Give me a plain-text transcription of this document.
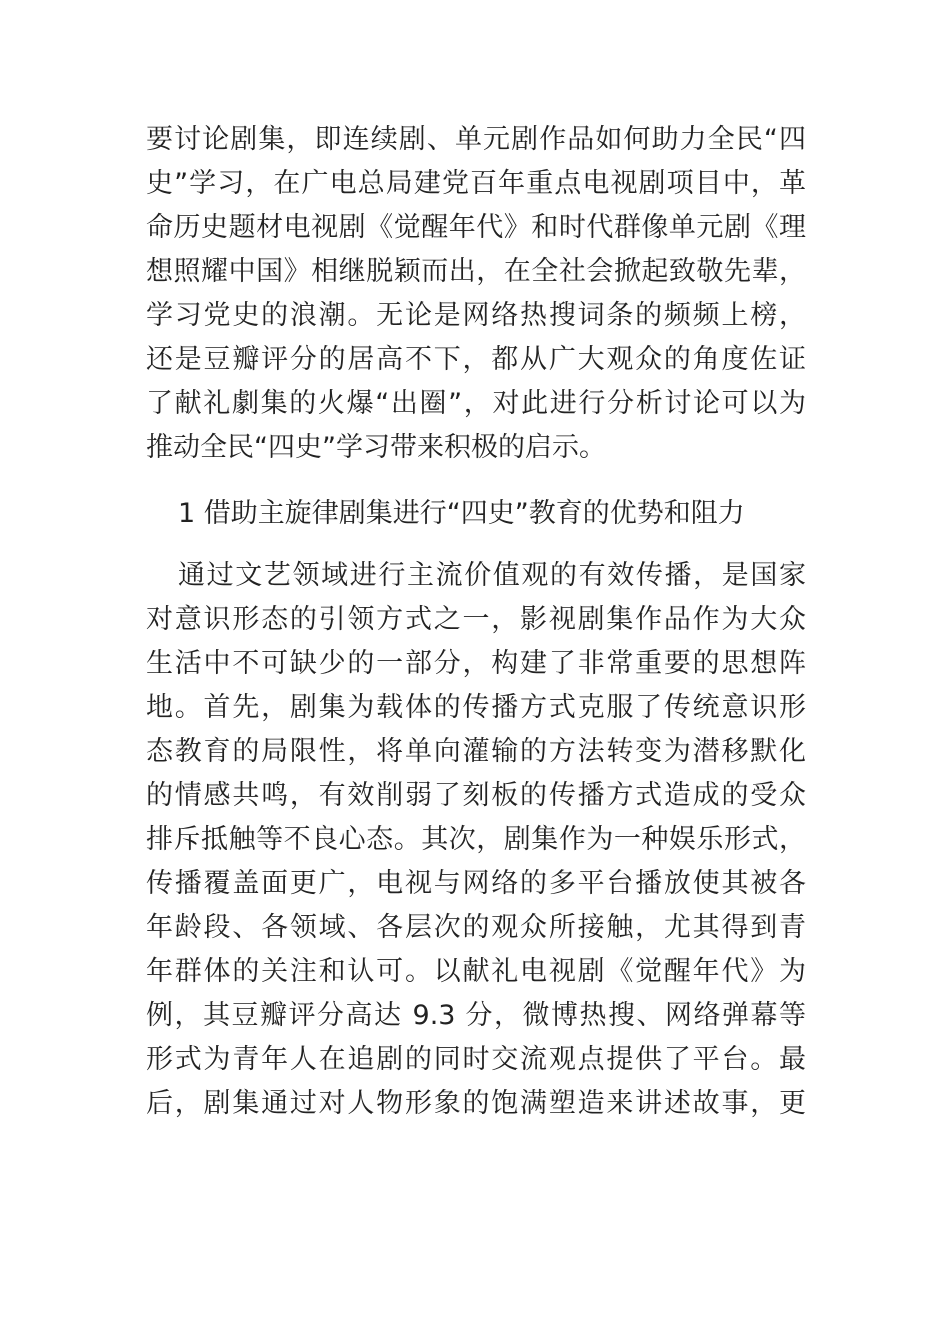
要讨论剧集，即连续剧、单元剧作品如何助力全民“四
史”学习，在广电总局建党百年重点电视剧项目中，革
命历史题材电视剧《觉醒年代》和时代群像单元剧《理
想照耀中国》相继脱颖而出，在全社会掀起致敬先辈，
学习党史的浪潮。无论是网络热搜词条的频频上榜，
还是豆瓣评分的居高不下，都从广大观众的角度佐证
了献礼劇集的火爆“出圈”，对此进行分析讨论可以为
推动全民“四史”学习带来积极的启示。
1 借助主旋律剧集进行“四史”教育的优势和阻力
通过文艺领域进行主流价值观的有效传播，是国家
对意识形态的引领方式之一，影视剧集作品作为大众
生活中不可缺少的一部分，构建了非常重要的思想阵
地。首先，剧集为载体的传播方式克服了传统意识形
态教育的局限性，将单向灌输的方法转变为潜移默化
的情感共鸣，有效削弱了刻板的传播方式造成的受众
排斥抵触等不良心态。其次，剧集作为一种娱乐形式，
传播覆盖面更广，电视与网络的多平台播放使其被各
年龄段、各领域、各层次的观众所接触，尤其得到青
年群体的关注和认可。以献礼电视剧《觉醒年代》为
例，其豆瓣评分高达 9.3 分，微博热搜、网络弹幕等
形式为青年人在追剧的同时交流观点提供了平台。最
后，剧集通过对人物形象的饱满塑造来讲述故事，更
